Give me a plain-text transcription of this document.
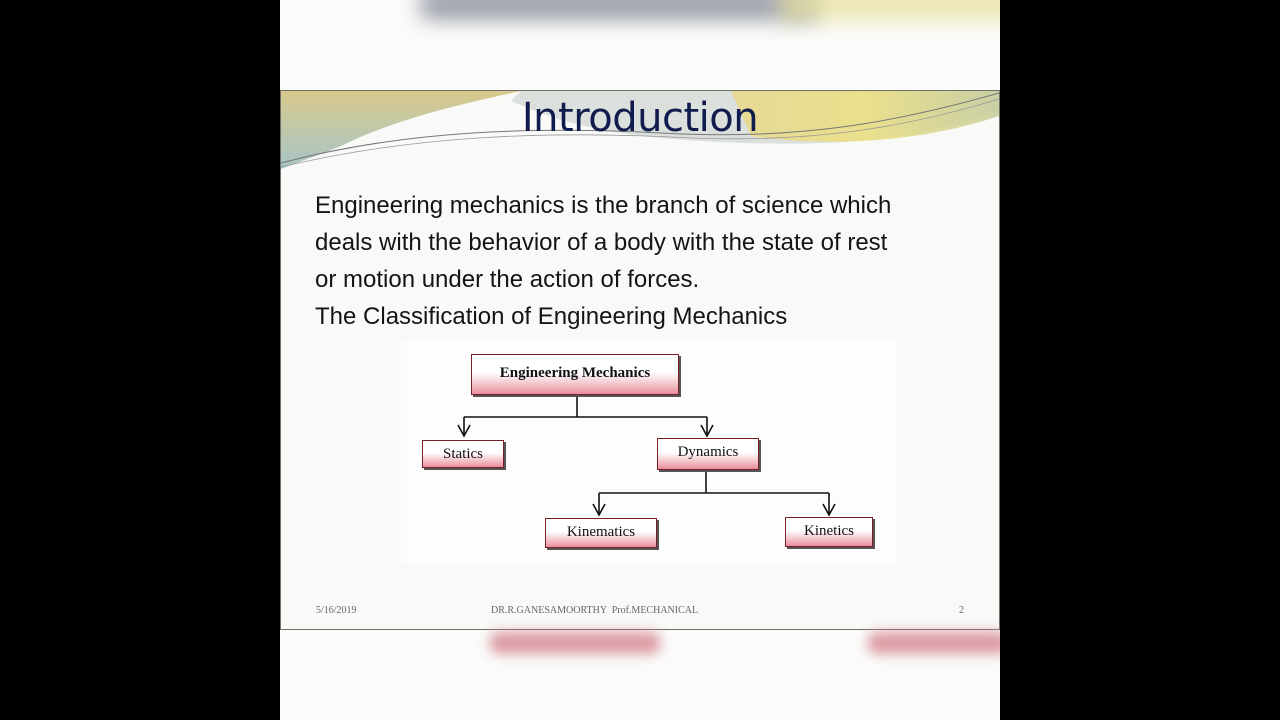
Introduction
Engineering mechanics is the branch of science which
deals with the behavior of a body with the state of rest
or motion under the action of forces.
The Classification of Engineering Mechanics
Engineering Mechanics
Statics	Dynamics
Kinematics	Kinetics
5/16/2019	DR.R.GANESAMOORTHY  Prof.MECHANICAL	2
